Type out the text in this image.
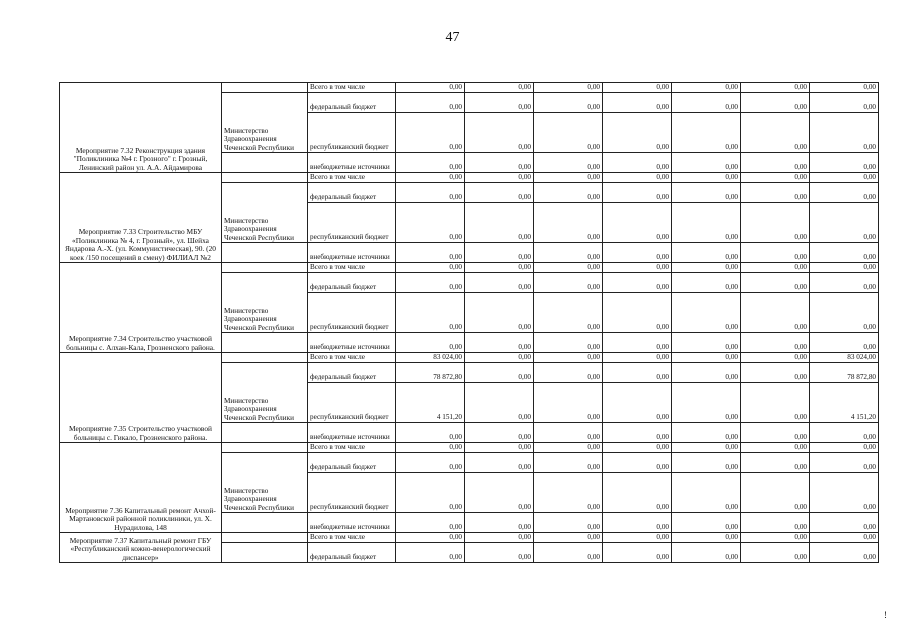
47
Мероприятие 7.32 Реконструкция здания "Поликлиника №4 г. Грозного" г. Грозный, Ленинский район ул. А.А. Айдамирова		Всего в том числе	0,00	0,00	0,00	0,00	0,00	0,00	0,00
	Министерство Здравоохранения Чеченской Республики	федеральный бюджет	0,00	0,00	0,00	0,00	0,00	0,00	0,00
		республиканский бюджет	0,00	0,00	0,00	0,00	0,00	0,00	0,00
		внебюджетные источники	0,00	0,00	0,00	0,00	0,00	0,00	0,00
Мероприятие 7.33 Строительство МБУ «Поликлиника № 4, г. Грозный», ул. Шейха Яндарова А.-Х. (ул. Коммунистическая), 90. (20 коек /150 посещений в смену) ФИЛИАЛ №2		Всего в том числе	0,00	0,00	0,00	0,00	0,00	0,00	0,00
	Министерство Здравоохранения Чеченской Республики	федеральный бюджет	0,00	0,00	0,00	0,00	0,00	0,00	0,00
		республиканский бюджет	0,00	0,00	0,00	0,00	0,00	0,00	0,00
		внебюджетные источники	0,00	0,00	0,00	0,00	0,00	0,00	0,00
Мероприятие 7.34 Строительство участковой больницы с. Алхан-Кала, Грозненского района.		Всего в том числе	0,00	0,00	0,00	0,00	0,00	0,00	0,00
	Министерство Здравоохранения Чеченской Республики	федеральный бюджет	0,00	0,00	0,00	0,00	0,00	0,00	0,00
		республиканский бюджет	0,00	0,00	0,00	0,00	0,00	0,00	0,00
		внебюджетные источники	0,00	0,00	0,00	0,00	0,00	0,00	0,00
Мероприятие 7.35 Строительство участковой больницы с. Гикало, Грозненского района.		Всего в том числе	83 024,00	0,00	0,00	0,00	0,00	0,00	83 024,00
	Министерство Здравоохранения Чеченской Республики	федеральный бюджет	78 872,80	0,00	0,00	0,00	0,00	0,00	78 872,80
		республиканский бюджет	4 151,20	0,00	0,00	0,00	0,00	0,00	4 151,20
		внебюджетные источники	0,00	0,00	0,00	0,00	0,00	0,00	0,00
Мероприятие 7.36 Капитальный ремонт Ачхой-Мартановской районной поликлиники, ул. Х. Нурадилова, 148		Всего в том числе	0,00	0,00	0,00	0,00	0,00	0,00	0,00
	Министерство Здравоохранения Чеченской Республики	федеральный бюджет	0,00	0,00	0,00	0,00	0,00	0,00	0,00
		республиканский бюджет	0,00	0,00	0,00	0,00	0,00	0,00	0,00
		внебюджетные источники	0,00	0,00	0,00	0,00	0,00	0,00	0,00
Мероприятие 7.37 Капитальный ремонт ГБУ «Республиканский кожно-венерологический диспансер»		Всего в том числе	0,00	0,00	0,00	0,00	0,00	0,00	0,00
		федеральный бюджет	0,00	0,00	0,00	0,00	0,00	0,00	0,00
!
